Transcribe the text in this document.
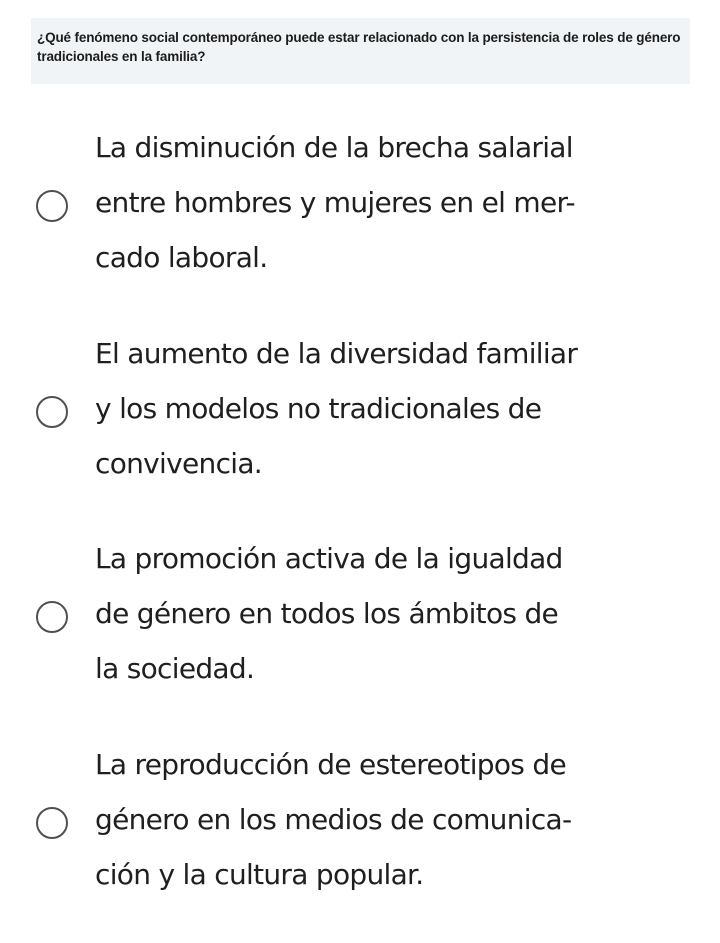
¿Qué fenómeno social contemporáneo puede estar relacionado con la persistencia de roles de género tradicionales en la familia?

La disminución de la brecha salarial
entre hombres y mujeres en el mer-
cado laboral.

El aumento de la diversidad familiar
y los modelos no tradicionales de
convivencia.

La promoción activa de la igualdad
de género en todos los ámbitos de
la sociedad.

La reproducción de estereotipos de
género en los medios de comunica-
ción y la cultura popular.
